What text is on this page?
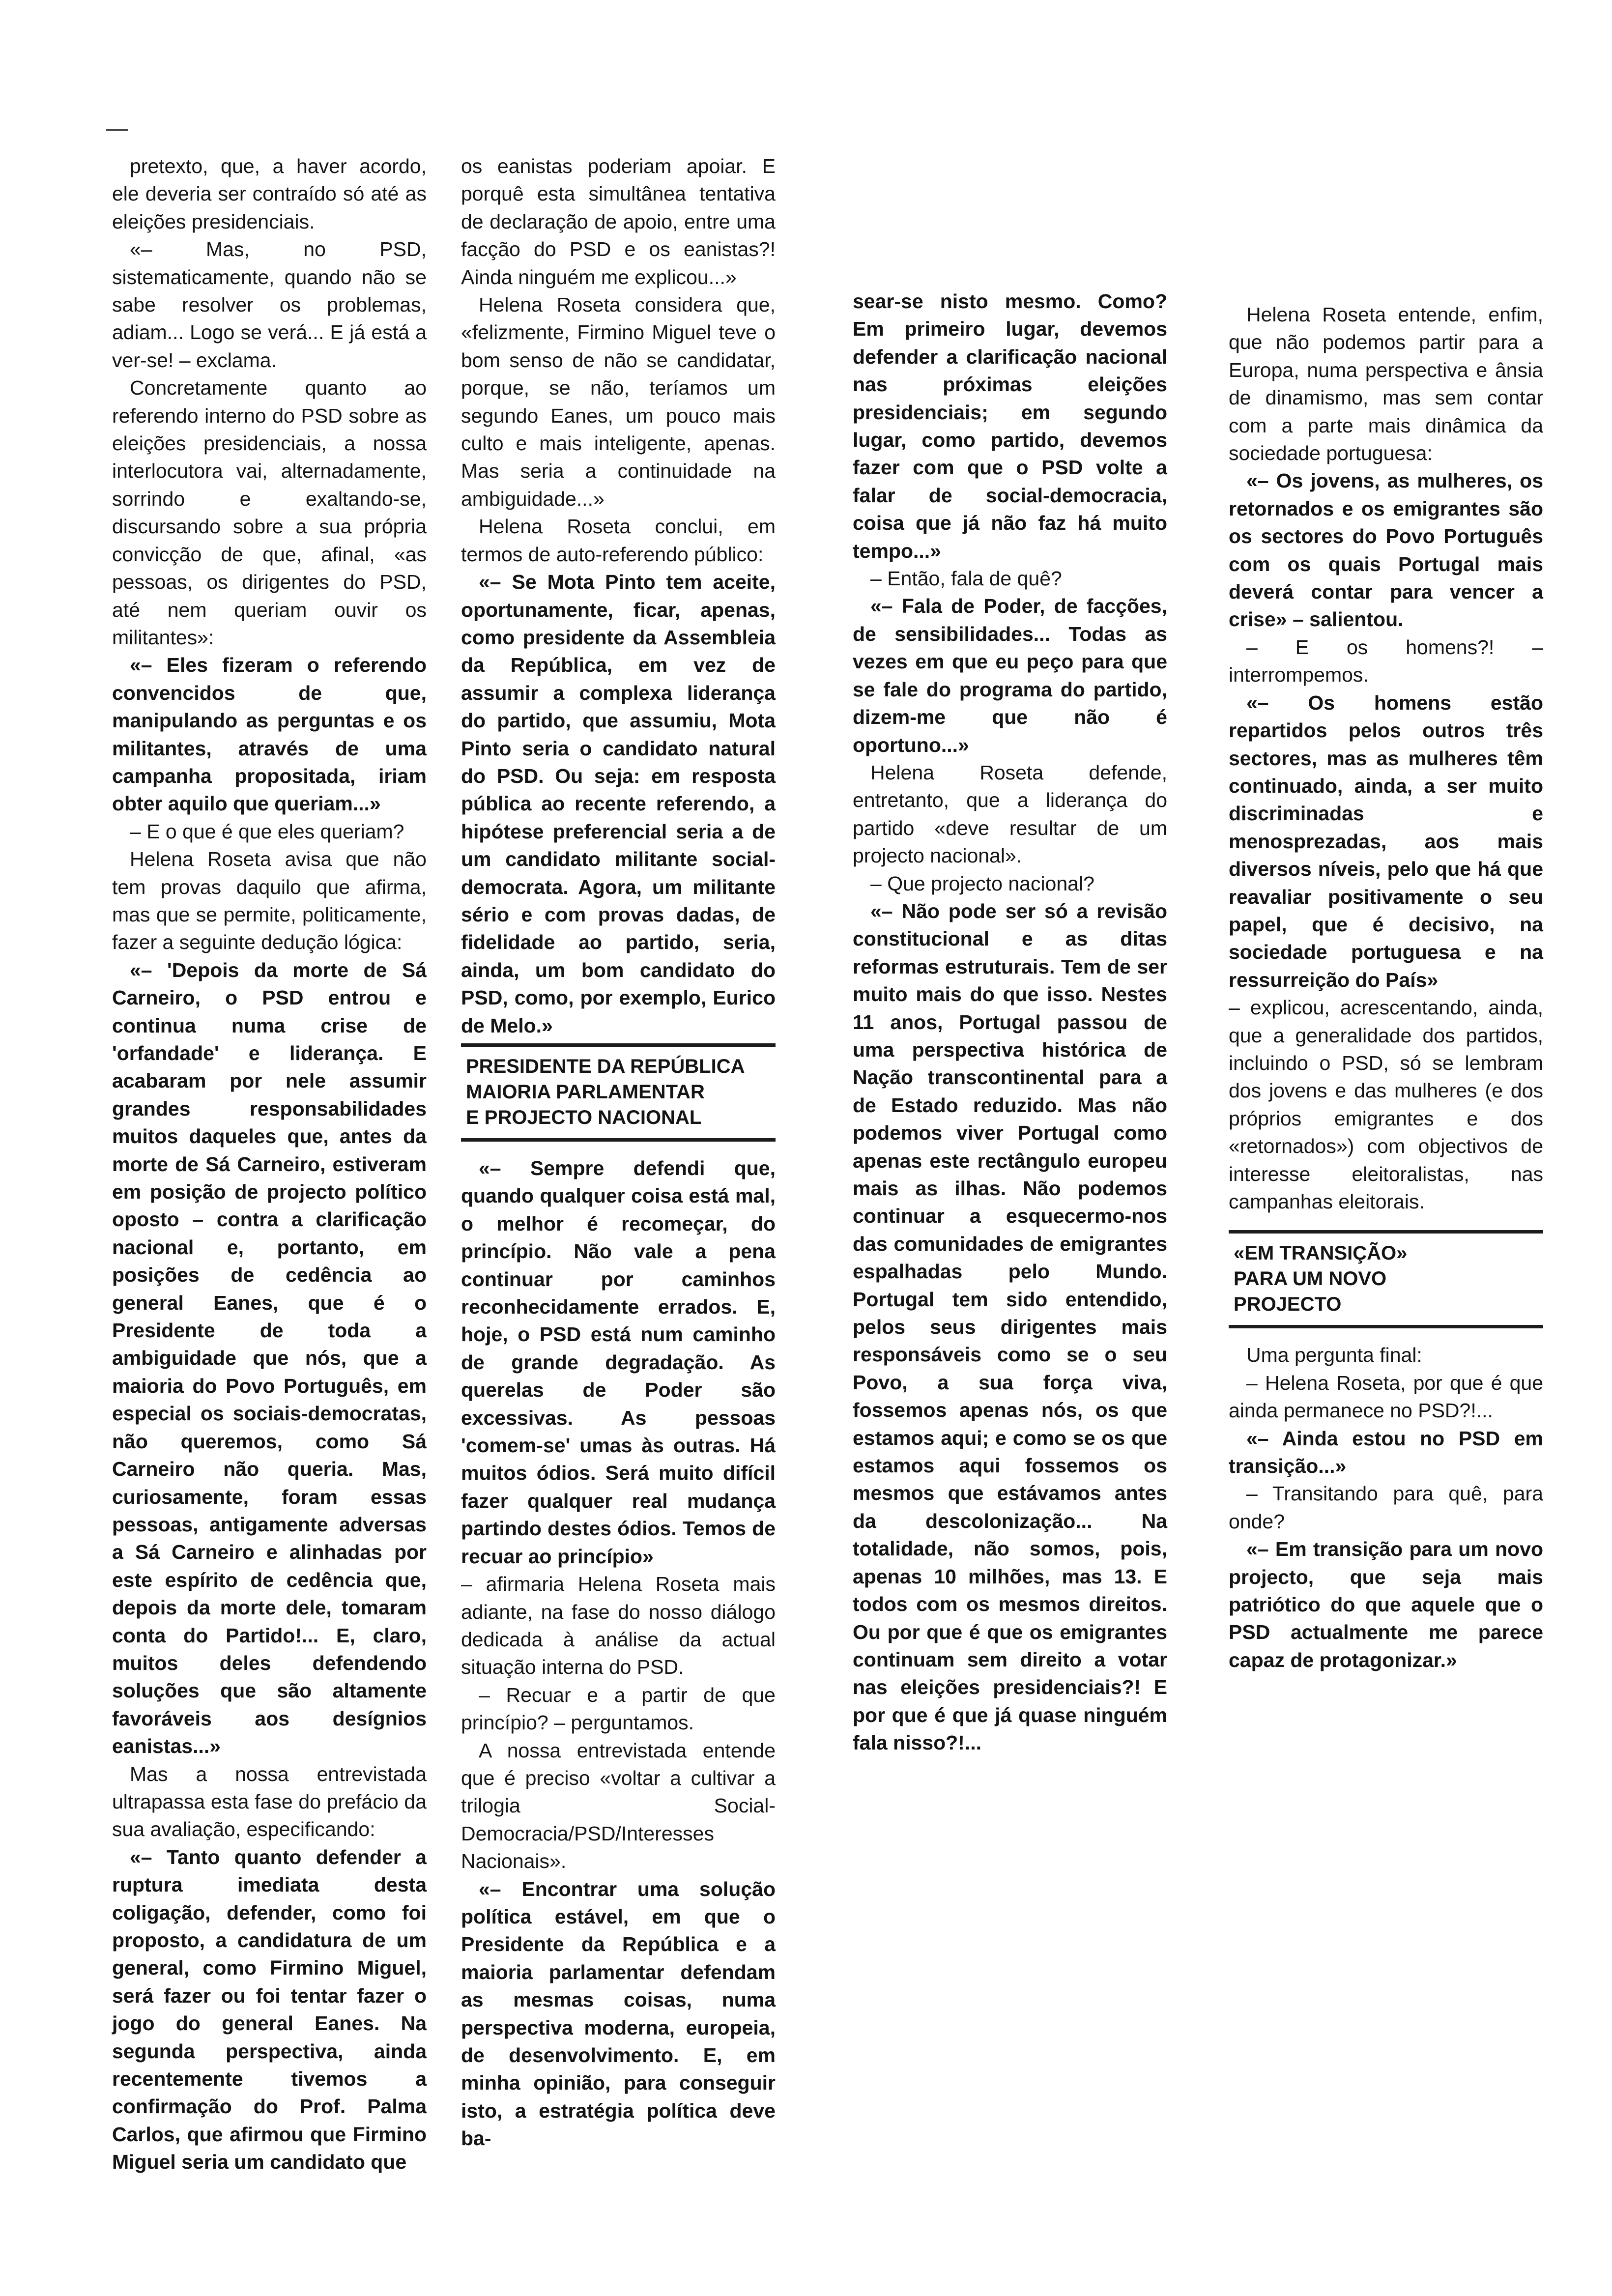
pretexto, que, a haver acordo, ele deveria ser contraído só até as eleições presidenciais.

«– Mas, no PSD, sistematicamente, quando não se sabe resolver os problemas, adiam... Logo se verá... E já está a ver-se! – exclama.

Concretamente quanto ao referendo interno do PSD sobre as eleições presidenciais, a nossa interlocutora vai, alternadamente, sorrindo e exaltando-se, discursando sobre a sua própria convicção de que, afinal, «as pessoas, os dirigentes do PSD, até nem queriam ouvir os militantes»:

«– Eles fizeram o referendo convencidos de que, manipulando as perguntas e os militantes, através de uma campanha propositada, iriam obter aquilo que queriam...»

– E o que é que eles queriam?

Helena Roseta avisa que não tem provas daquilo que afirma, mas que se permite, politicamente, fazer a seguinte dedução lógica:

«– 'Depois da morte de Sá Carneiro, o PSD entrou e continua numa crise de 'orfandade' e liderança. E acabaram por nele assumir grandes responsabilidades muitos daqueles que, antes da morte de Sá Carneiro, estiveram em posição de projecto político oposto – contra a clarificação nacional e, portanto, em posições de cedência ao general Eanes, que é o Presidente de toda a ambiguidade que nós, que a maioria do Povo Português, em especial os sociais-democratas, não queremos, como Sá Carneiro não queria. Mas, curiosamente, foram essas pessoas, antigamente adversas a Sá Carneiro e alinhadas por este espírito de cedência que, depois da morte dele, tomaram conta do Partido!... E, claro, muitos deles defendendo soluções que são altamente favoráveis aos desígnios eanistas...»

Mas a nossa entrevistada ultrapassa esta fase do prefácio da sua avaliação, especificando:

«– Tanto quanto defender a ruptura imediata desta coligação, defender, como foi proposto, a candidatura de um general, como Firmino Miguel, será fazer ou foi tentar fazer o jogo do general Eanes. Na segunda perspectiva, ainda recentemente tivemos a confirmação do Prof. Palma Carlos, que afirmou que Firmino Miguel seria um candidato que

os eanistas poderiam apoiar. E porquê esta simultânea tentativa de declaração de apoio, entre uma facção do PSD e os eanistas?! Ainda ninguém me explicou...»

Helena Roseta considera que, «felizmente, Firmino Miguel teve o bom senso de não se candidatar, porque, se não, teríamos um segundo Eanes, um pouco mais culto e mais inteligente, apenas. Mas seria a continuidade na ambiguidade...»

Helena Roseta conclui, em termos de auto-referendo público:

«– Se Mota Pinto tem aceite, oportunamente, ficar, apenas, como presidente da Assembleia da República, em vez de assumir a complexa liderança do partido, que assumiu, Mota Pinto seria o candidato natural do PSD. Ou seja: em resposta pública ao recente referendo, a hipótese preferencial seria a de um candidato militante social-democrata. Agora, um militante sério e com provas dadas, de fidelidade ao partido, seria, ainda, um bom candidato do PSD, como, por exemplo, Eurico de Melo.»

PRESIDENTE DA REPÚBLICA
MAIORIA PARLAMENTAR
E PROJECTO NACIONAL

«– Sempre defendi que, quando qualquer coisa está mal, o melhor é recomeçar, do princípio. Não vale a pena continuar por caminhos reconhecidamente errados. E, hoje, o PSD está num caminho de grande degradação. As querelas de Poder são excessivas. As pessoas 'comem-se' umas às outras. Há muitos ódios. Será muito difícil fazer qualquer real mudança partindo destes ódios. Temos de recuar ao princípio»

– afirmaria Helena Roseta mais adiante, na fase do nosso diálogo dedicada à análise da actual situação interna do PSD.

– Recuar e a partir de que princípio? – perguntamos.

A nossa entrevistada entende que é preciso «voltar a cultivar a trilogia Social-Democracia/PSD/Interesses Nacionais».

«– Encontrar uma solução política estável, em que o Presidente da República e a maioria parlamentar defendam as mesmas coisas, numa perspectiva moderna, europeia, de desenvolvimento. E, em minha opinião, para conseguir isto, a estratégia política deve ba-

sear-se nisto mesmo. Como? Em primeiro lugar, devemos defender a clarificação nacional nas próximas eleições presidenciais; em segundo lugar, como partido, devemos fazer com que o PSD volte a falar de social-democracia, coisa que já não faz há muito tempo...»

– Então, fala de quê?

«– Fala de Poder, de facções, de sensibilidades... Todas as vezes em que eu peço para que se fale do programa do partido, dizem-me que não é oportuno...»

Helena Roseta defende, entretanto, que a liderança do partido «deve resultar de um projecto nacional».

– Que projecto nacional?

«– Não pode ser só a revisão constitucional e as ditas reformas estruturais. Tem de ser muito mais do que isso. Nestes 11 anos, Portugal passou de uma perspectiva histórica de Nação transcontinental para a de Estado reduzido. Mas não podemos viver Portugal como apenas este rectângulo europeu mais as ilhas. Não podemos continuar a esquecermo-nos das comunidades de emigrantes espalhadas pelo Mundo. Portugal tem sido entendido, pelos seus dirigentes mais responsáveis como se o seu Povo, a sua força viva, fossemos apenas nós, os que estamos aqui; e como se os que estamos aqui fossemos os mesmos que estávamos antes da descolonização... Na totalidade, não somos, pois, apenas 10 milhões, mas 13. E todos com os mesmos direitos. Ou por que é que os emigrantes continuam sem direito a votar nas eleições presidenciais?! E por que é que já quase ninguém fala nisso?!...

Helena Roseta entende, enfim, que não podemos partir para a Europa, numa perspectiva e ânsia de dinamismo, mas sem contar com a parte mais dinâmica da sociedade portuguesa:

«– Os jovens, as mulheres, os retornados e os emigrantes são os sectores do Povo Português com os quais Portugal mais deverá contar para vencer a crise» – salientou.

– E os homens?! – interrompemos.

«– Os homens estão repartidos pelos outros três sectores, mas as mulheres têm continuado, ainda, a ser muito discriminadas e menosprezadas, aos mais diversos níveis, pelo que há que reavaliar positivamente o seu papel, que é decisivo, na sociedade portuguesa e na ressurreição do País»

– explicou, acrescentando, ainda, que a generalidade dos partidos, incluindo o PSD, só se lembram dos jovens e das mulheres (e dos próprios emigrantes e dos «retornados») com objectivos de interesse eleitoralistas, nas campanhas eleitorais.

«EM TRANSIÇÃO»
PARA UM NOVO
PROJECTO

Uma pergunta final:

– Helena Roseta, por que é que ainda permanece no PSD?!...

«– Ainda estou no PSD em transição...»

– Transitando para quê, para onde?

«– Em transição para um novo projecto, que seja mais patriótico do que aquele que o PSD actualmente me parece capaz de protagonizar.»
